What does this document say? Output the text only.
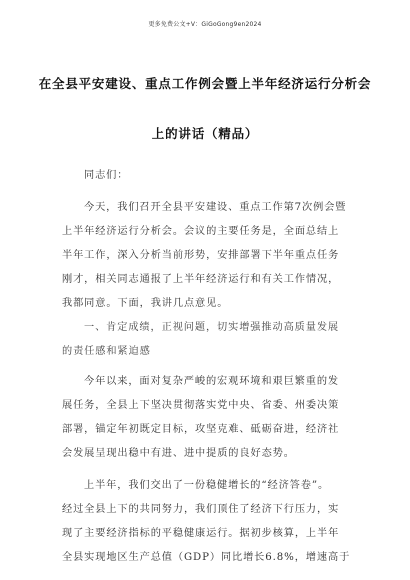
更多免费公文+V：GiGoGong9en2024
在全县平安建设、重点工作例会暨上半年经济运行分析会
上的讲话（精品）
同志们：
今天，我们召开全县平安建设、重点工作第7次例会暨
上半年经济运行分析会。会议的主要任务是，全面总结上
半年工作，深入分析当前形势，安排部署下半年重点任务
刚才，相关同志通报了上半年经济运行和有关工作情况，
我都同意。下面，我讲几点意见。
一、肯定成绩，正视问题，切实增强推动高质量发展
的责任感和紧迫感
今年以来，面对复杂严峻的宏观环境和艰巨繁重的发
展任务，全县上下坚决贯彻落实党中央、省委、州委决策
部署，锚定年初既定目标，攻坚克难、砥砺奋进，经济社
会发展呈现出稳中有进、进中提质的良好态势。
上半年，我们交出了一份稳健增长的“经济答卷”。
经过全县上下的共同努力，我们顶住了经济下行压力，实
现了主要经济指标的平稳健康运行。据初步核算，上半年
全县实现地区生产总值（GDP）同比增长6.8%，增速高于
